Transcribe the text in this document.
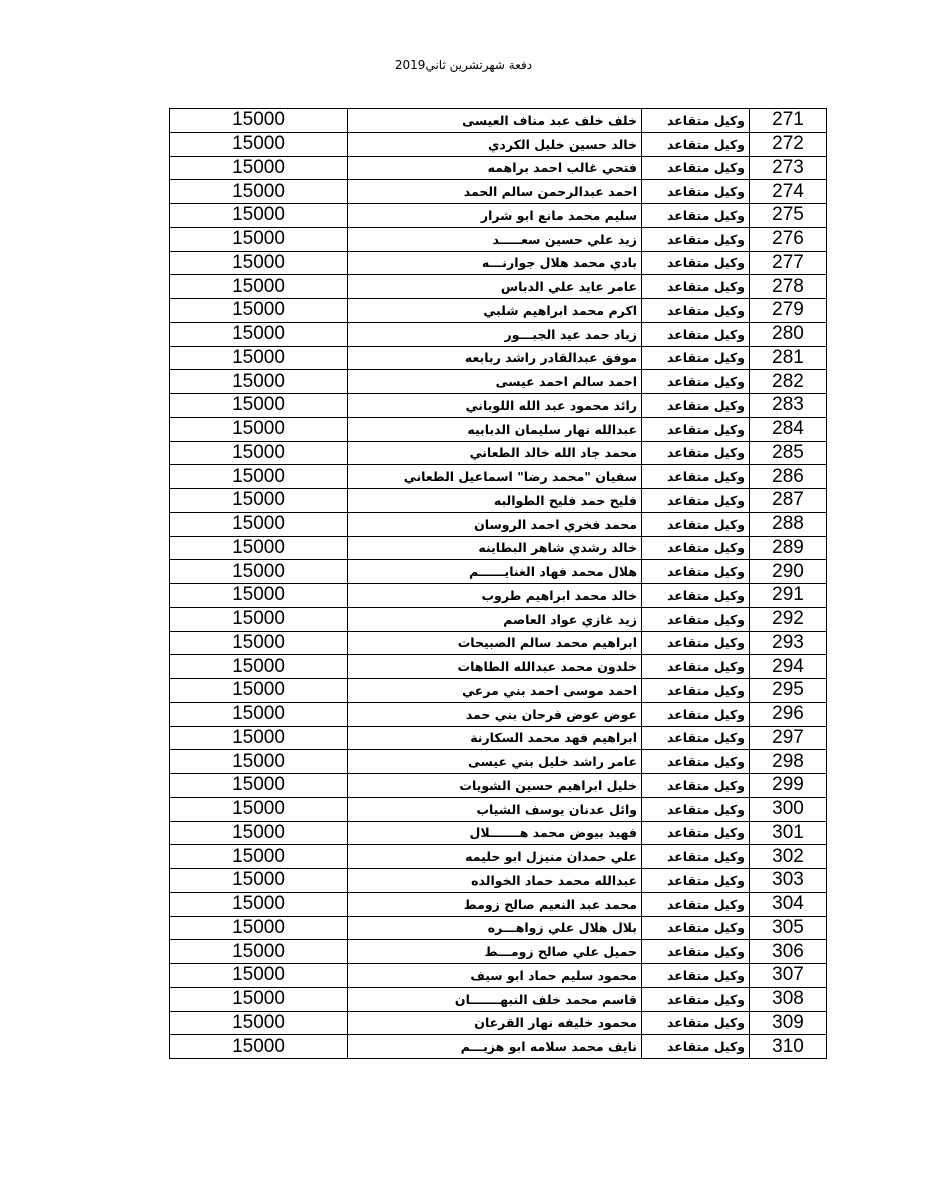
دفعة شهرتشرين ثاني2019
15000	خلف خلف عبد مناف العيسى	وكيل متقاعد	271
15000	خالد حسين خليل الكردي	وكيل متقاعد	272
15000	فتحي غالب احمد براهمه	وكيل متقاعد	273
15000	احمد عبدالرحمن سالم الحمد	وكيل متقاعد	274
15000	سليم محمد مانع ابو شرار	وكيل متقاعد	275
15000	زيد علي حسين سعـــــد	وكيل متقاعد	276
15000	بادي محمد هلال جوارنـــه	وكيل متقاعد	277
15000	عامر عايد علي الدباس	وكيل متقاعد	278
15000	اكرم محمد ابراهيم شلبي	وكيل متقاعد	279
15000	زياد حمد عيد الجبـــور	وكيل متقاعد	280
15000	موفق عبدالقادر راشد ربابعه	وكيل متقاعد	281
15000	احمد سالم احمد عيسى	وكيل متقاعد	282
15000	رائد محمود عبد الله اللوباني	وكيل متقاعد	283
15000	عبدالله نهار سليمان الدبابيه	وكيل متقاعد	284
15000	محمد جاد الله خالد الطعاني	وكيل متقاعد	285
15000	سفيان "محمد رضا" اسماعيل الطعاني	وكيل متقاعد	286
15000	فليح حمد فليح الطوالبه	وكيل متقاعد	287
15000	محمد فخري احمد الروسان	وكيل متقاعد	288
15000	خالد رشدي شاهر البطاينه	وكيل متقاعد	289
15000	هلال محمد فهاد الغنايــــــم	وكيل متقاعد	290
15000	خالد محمد ابراهيم طروب	وكيل متقاعد	291
15000	زيد غازي عواد العاصم	وكيل متقاعد	292
15000	ابراهيم محمد سالم الصبيحات	وكيل متقاعد	293
15000	خلدون محمد عبدالله الطاهات	وكيل متقاعد	294
15000	احمد موسى احمد بني مرعي	وكيل متقاعد	295
15000	عوض عوض فرحان بني حمد	وكيل متقاعد	296
15000	ابراهيم فهد محمد السكارنة	وكيل متقاعد	297
15000	عامر راشد خليل بني عيسى	وكيل متقاعد	298
15000	خليل ابراهيم حسين الشويات	وكيل متقاعد	299
15000	وائل عدنان يوسف الشياب	وكيل متقاعد	300
15000	فهيد بيوض محمد هـــــــلال	وكيل متقاعد	301
15000	علي حمدان منيزل ابو حليمه	وكيل متقاعد	302
15000	عبدالله محمد حماد الخوالده	وكيل متقاعد	303
15000	محمد عبد النعيم صالح زومط	وكيل متقاعد	304
15000	بلال هلال علي زواهـــره	وكيل متقاعد	305
15000	حميل علي صالح زومـــط	وكيل متقاعد	306
15000	محمود سليم حماد ابو سيف	وكيل متقاعد	307
15000	قاسم محمد خلف النبهـــــــان	وكيل متقاعد	308
15000	محمود خليفه نهار القرعان	وكيل متقاعد	309
15000	نايف محمد سلامه ابو هزيـــم	وكيل متقاعد	310
